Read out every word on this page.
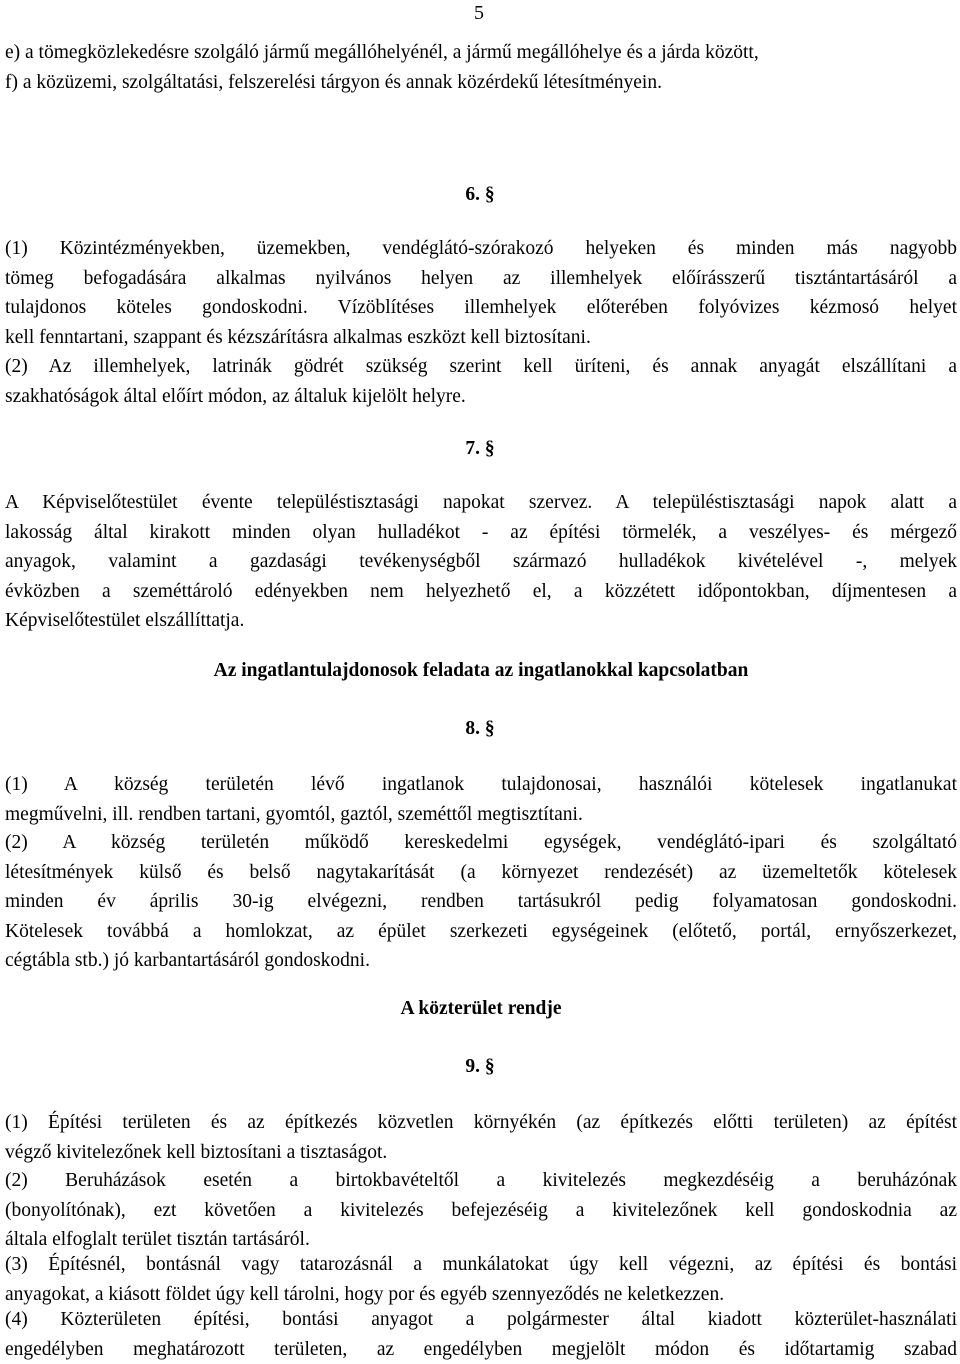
5

e) a tömegközlekedésre szolgáló jármű megállóhelyénél, a jármű megállóhelye és a járda között,
f) a közüzemi, szolgáltatási, felszerelési tárgyon és annak közérdekű létesítményein.

6. §

(1) Közintézményekben, üzemekben, vendéglátó-szórakozó helyeken és minden más nagyobb
tömeg befogadására alkalmas nyilvános helyen az illemhelyek előírásszerű tisztántartásáról a
tulajdonos köteles gondoskodni. Vízöblítéses illemhelyek előterében folyóvizes kézmosó helyet
kell fenntartani, szappant és kézszárításra alkalmas eszközt kell biztosítani.

(2) Az illemhelyek, latrinák gödrét szükség szerint kell üríteni, és annak anyagát elszállítani a
szakhatóságok által előírt módon, az általuk kijelölt helyre.

7. §

A Képviselőtestület évente településtisztasági napokat szervez. A településtisztasági napok alatt a
lakosság által kirakott minden olyan hulladékot - az építési törmelék, a veszélyes- és mérgező
anyagok, valamint a gazdasági tevékenységből származó hulladékok kivételével -, melyek
évközben a szeméttároló edényekben nem helyezhető el, a közzétett időpontokban, díjmentesen a
Képviselőtestület elszállíttatja.

Az ingatlantulajdonosok feladata az ingatlanokkal kapcsolatban
8. §

(1) A község területén lévő ingatlanok tulajdonosai, használói kötelesek ingatlanukat
megművelni, ill. rendben tartani, gyomtól, gaztól, szeméttől megtisztítani.

(2) A község területén működő kereskedelmi egységek, vendéglátó-ipari és szolgáltató
létesítmények külső és belső nagytakarítását (a környezet rendezését) az üzemeltetők kötelesek
minden év április 30-ig elvégezni, rendben tartásukról pedig folyamatosan gondoskodni.
Kötelesek továbbá a homlokzat, az épület szerkezeti egységeinek (előtető, portál, ernyőszerkezet,
cégtábla stb.) jó karbantartásáról gondoskodni.

A közterület rendje
9. §

(1) Építési területen és az építkezés közvetlen környékén (az építkezés előtti területen) az építést
végző kivitelezőnek kell biztosítani a tisztaságot.

(2) Beruházások esetén a birtokbavételtől a kivitelezés megkezdéséig a beruházónak
(bonyolítónak), ezt követően a kivitelezés befejezéséig a kivitelezőnek kell gondoskodnia az
általa elfoglalt terület tisztán tartásáról.

(3) Építésnél, bontásnál vagy tatarozásnál a munkálatokat úgy kell végezni, az építési és bontási
anyagokat, a kiásott földet úgy kell tárolni, hogy por és egyéb szennyeződés ne keletkezzen.

(4) Közterületen építési, bontási anyagot a polgármester által kiadott közterület-használati
engedélyben meghatározott területen, az engedélyben megjelölt módon és időtartamig szabad
